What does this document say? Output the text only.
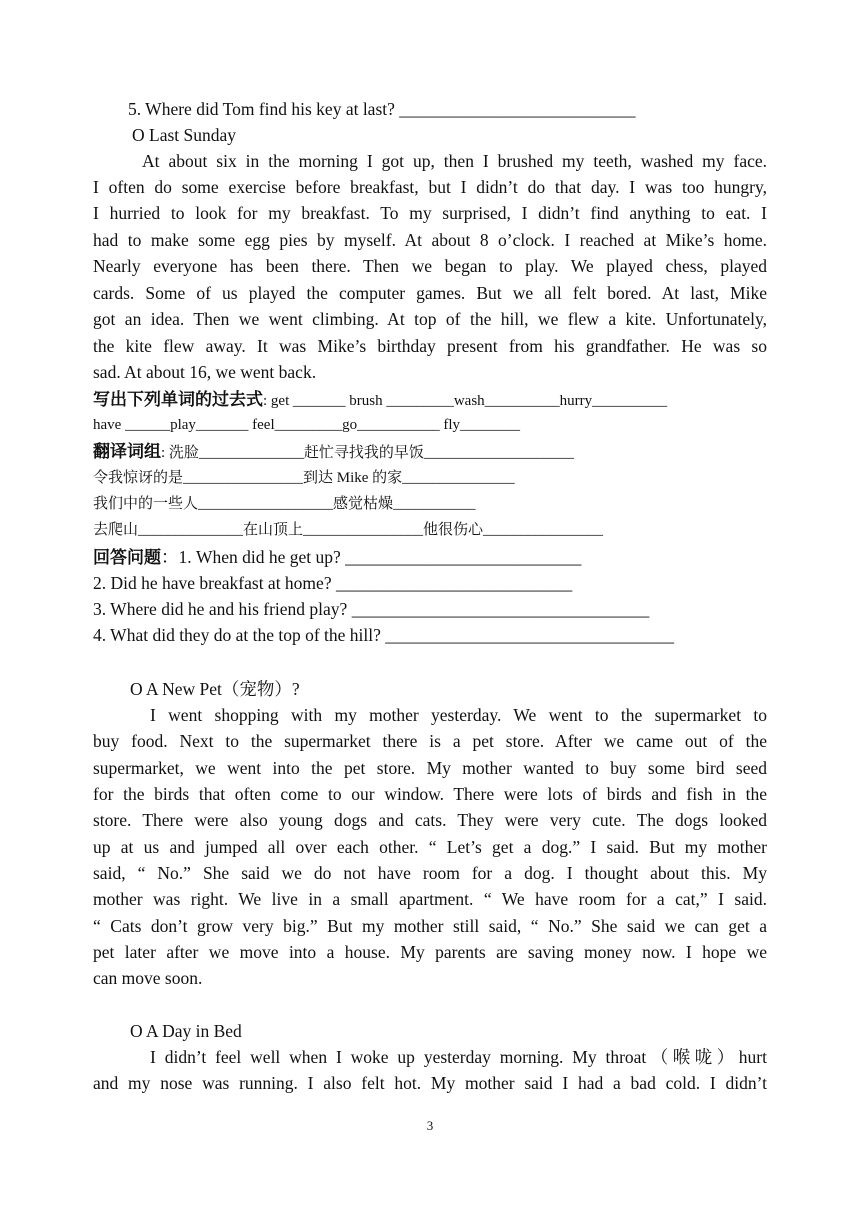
5. Where did Tom find his key at last? ___________________________
O Last Sunday
At about six in the morning I got up, then I brushed my teeth, washed my face.
I often do some exercise before breakfast, but I didn’t do that day. I was too hungry,
I hurried to look for my breakfast. To my surprised, I didn’t find anything to eat. I
had to make some egg pies by myself. At about 8 o’clock. I reached at Mike’s home.
Nearly everyone has been there. Then we began to play. We played chess, played
cards. Some of us played the computer games. But we all felt bored. At last, Mike
got an idea. Then we went climbing. At top of the hill, we flew a kite. Unfortunately,
the kite flew away. It was Mike’s birthday present from his grandfather. He was so
sad. At about 16, we went back.
写出下列单词的过去式: get _______ brush _________wash__________hurry__________
have ______play_______ feel_________go___________ fly________
翻译词组: 洗脸______________赶忙寻找我的早饭____________________
令我惊讶的是________________到达 Mike 的家_______________
我们中的一些人__________________感觉枯燥___________
去爬山______________在山顶上________________他很伤心________________
回答问题：1. When did he get up? ___________________________
2. Did he have breakfast at home? ___________________________
3. Where did he and his friend play? __________________________________
4. What did they do at the top of the hill? _________________________________
O A New Pet（宠物）?
I went shopping with my mother yesterday. We went to the supermarket to
buy food. Next to the supermarket there is a pet store. After we came out of the
supermarket, we went into the pet store. My mother wanted to buy some bird seed
for the birds that often come to our window. There were lots of birds and fish in the
store. There were also young dogs and cats. They were very cute. The dogs looked
up at us and jumped all over each other. “ Let’s get a dog.” I said. But my mother
said, “ No.” She said we do not have room for a dog. I thought about this. My
mother was right. We live in a small apartment. “ We have room for a cat,” I said.
“ Cats don’t grow very big.” But my mother still said, “ No.” She said we can get a
pet later after we move into a house. My parents are saving money now. I hope we
can move soon.
O A Day in Bed
I didn’t feel well when I woke up yesterday morning. My throat（喉咙）hurt
and my nose was running. I also felt hot. My mother said I had a bad cold. I didn’t
3
